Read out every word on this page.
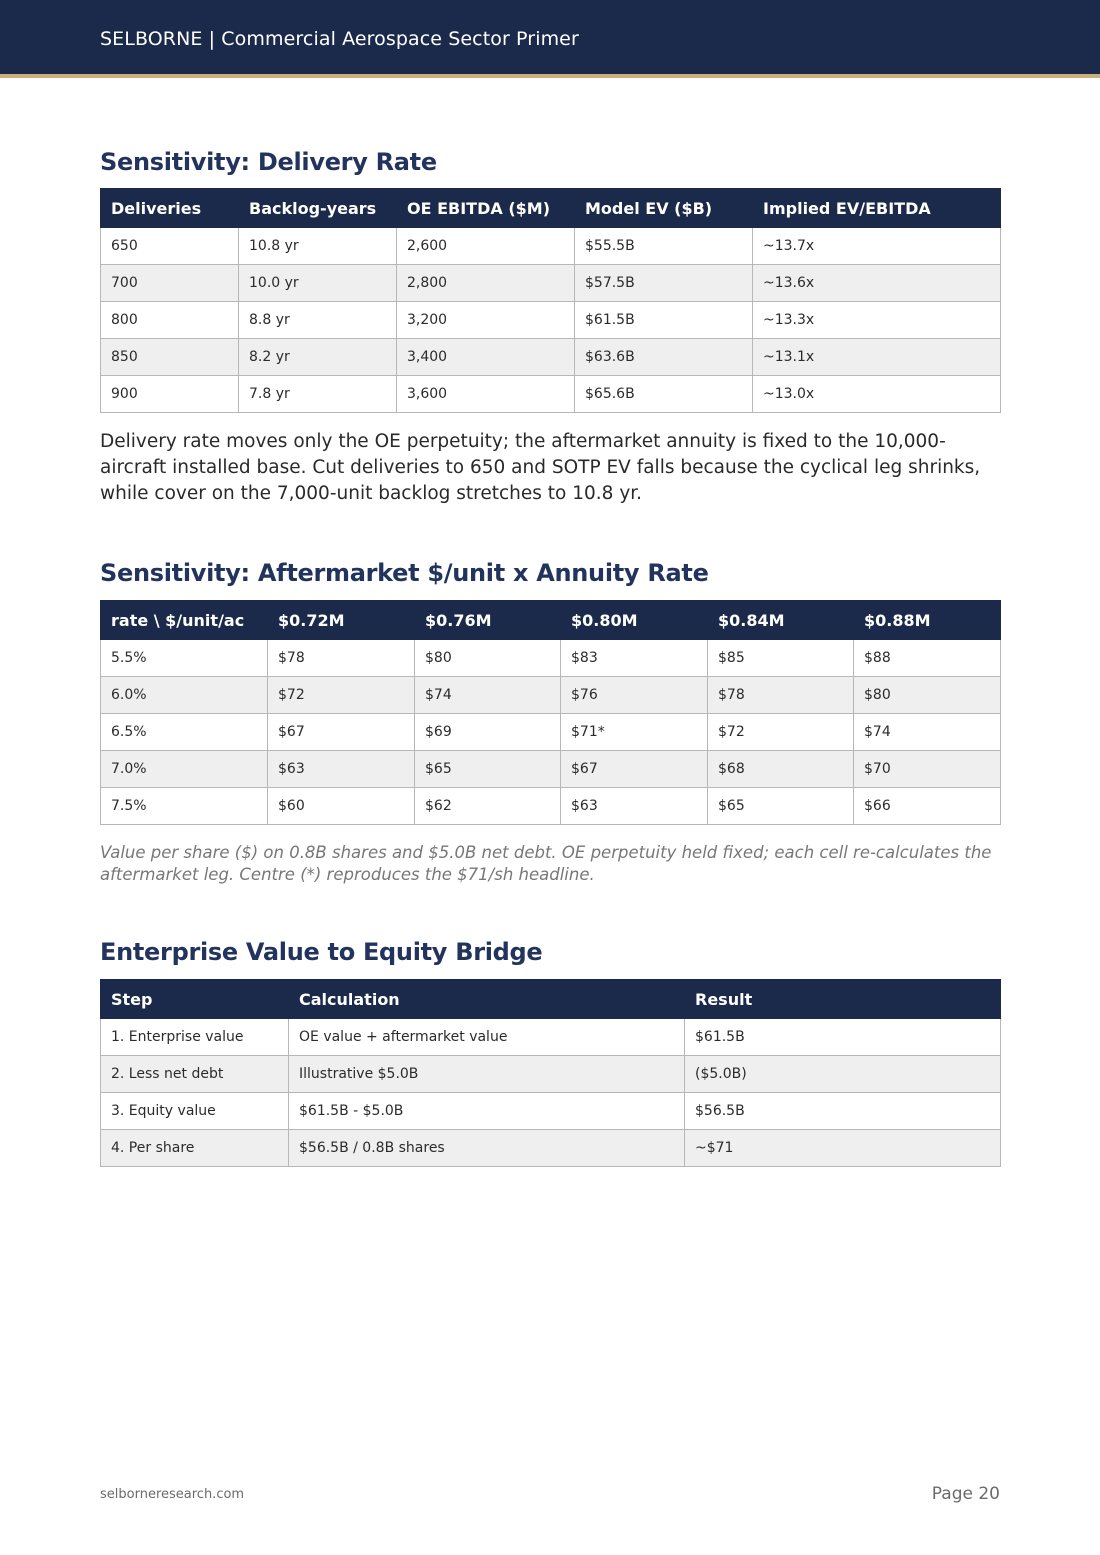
SELBORNE | Commercial Aerospace Sector Primer
Sensitivity: Delivery Rate
Deliveries	Backlog-years	OE EBITDA ($M)	Model EV ($B)	Implied EV/EBITDA
650	10.8 yr	2,600	$55.5B	~13.7x
700	10.0 yr	2,800	$57.5B	~13.6x
800	8.8 yr	3,200	$61.5B	~13.3x
850	8.2 yr	3,400	$63.6B	~13.1x
900	7.8 yr	3,600	$65.6B	~13.0x

Delivery rate moves only the OE perpetuity; the aftermarket annuity is fixed to the 10,000-aircraft installed base. Cut deliveries to 650 and SOTP EV falls because the cyclical leg shrinks, while cover on the 7,000-unit backlog stretches to 10.8 yr.

Sensitivity: Aftermarket $/unit x Annuity Rate
rate \ $/unit/ac	$0.72M	$0.76M	$0.80M	$0.84M	$0.88M
5.5%	$78	$80	$83	$85	$88
6.0%	$72	$74	$76	$78	$80
6.5%	$67	$69	$71*	$72	$74
7.0%	$63	$65	$67	$68	$70
7.5%	$60	$62	$63	$65	$66

Value per share ($) on 0.8B shares and $5.0B net debt. OE perpetuity held fixed; each cell re-calculates the aftermarket leg. Centre (*) reproduces the $71/sh headline.

Enterprise Value to Equity Bridge
Step	Calculation	Result
1. Enterprise value	OE value + aftermarket value	$61.5B
2. Less net debt	Illustrative $5.0B	($5.0B)
3. Equity value	$61.5B - $5.0B	$56.5B
4. Per share	$56.5B / 0.8B shares	~$71
selborneresearch.com	Page 20
